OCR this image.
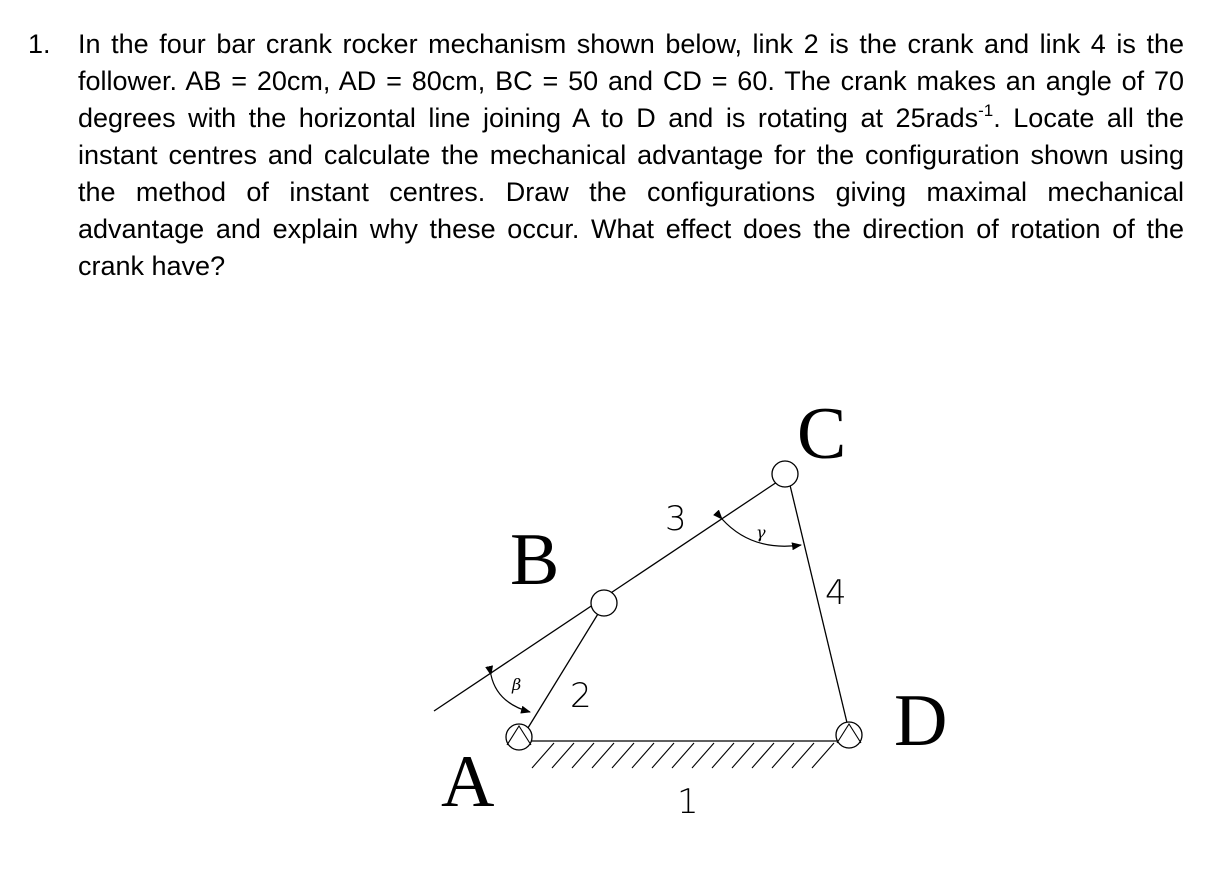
1. In the four bar crank rocker mechanism shown below, link 2 is the crank and link 4 is the follower. AB = 20cm, AD = 80cm, BC = 50 and CD = 60. The crank makes an angle of 70 degrees with the horizontal line joining A to D and is rotating at 25rads$^{-1}$. Locate all the instant centres and calculate the mechanical advantage for the configuration shown using the method of instant centres. Draw the configurations giving maximal mechanical advantage and explain why these occur. What effect does the direction of rotation of the crank have?
β
γ
A
B
C
D
1
2
3
4
